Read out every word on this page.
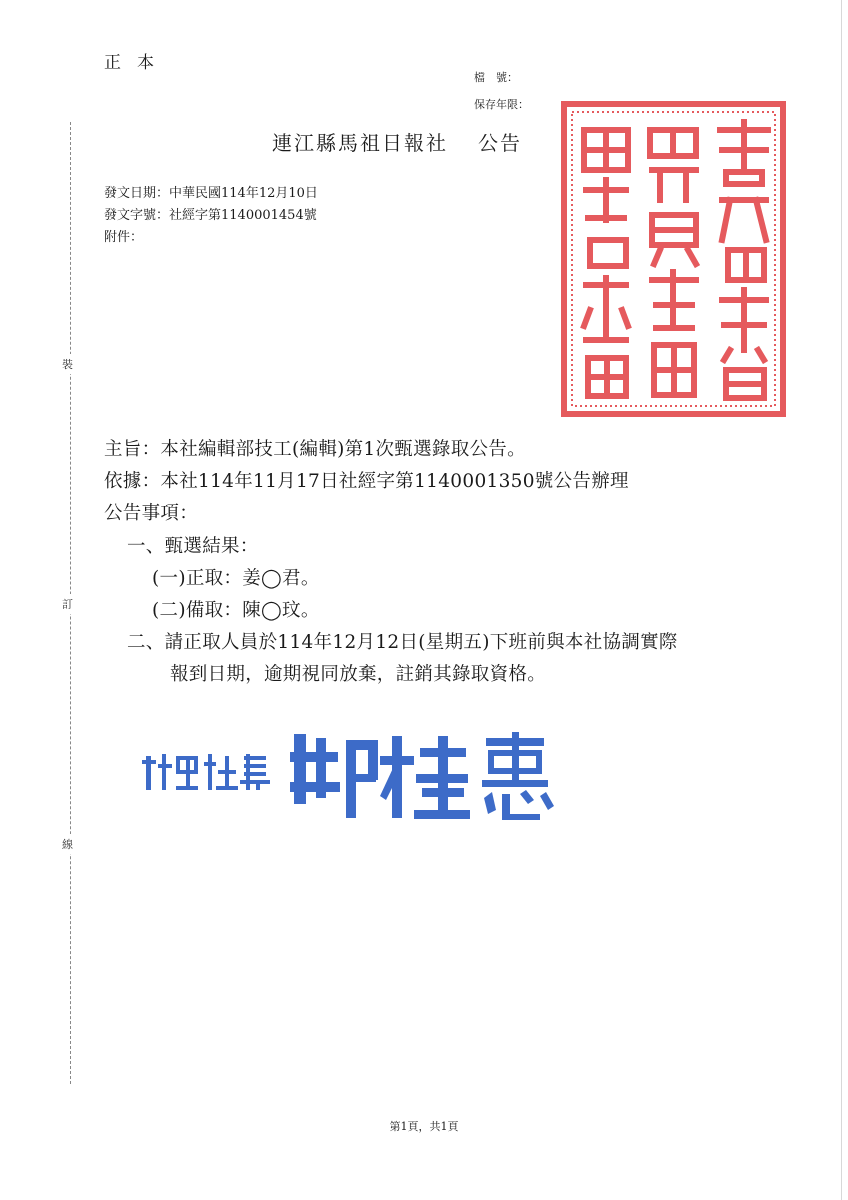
正本
檔　號：
保存年限：
裝
訂
線
連江縣馬祖日報社 公告
發文日期：中華民國114年12月10日
發文字號：社經字第1140001454號
附件：
主旨：本社編輯部技工(編輯)第1次甄選錄取公告。
依據：本社114年11月17日社經字第1140001350號公告辦理
公告事項：
一、甄選結果：
(一)正取：姜◯君。
(二)備取：陳◯玟。
二、請正取人員於114年12月12日(星期五)下班前與本社協調實際
報到日期，逾期視同放棄，註銷其錄取資格。
第1頁，共1頁
